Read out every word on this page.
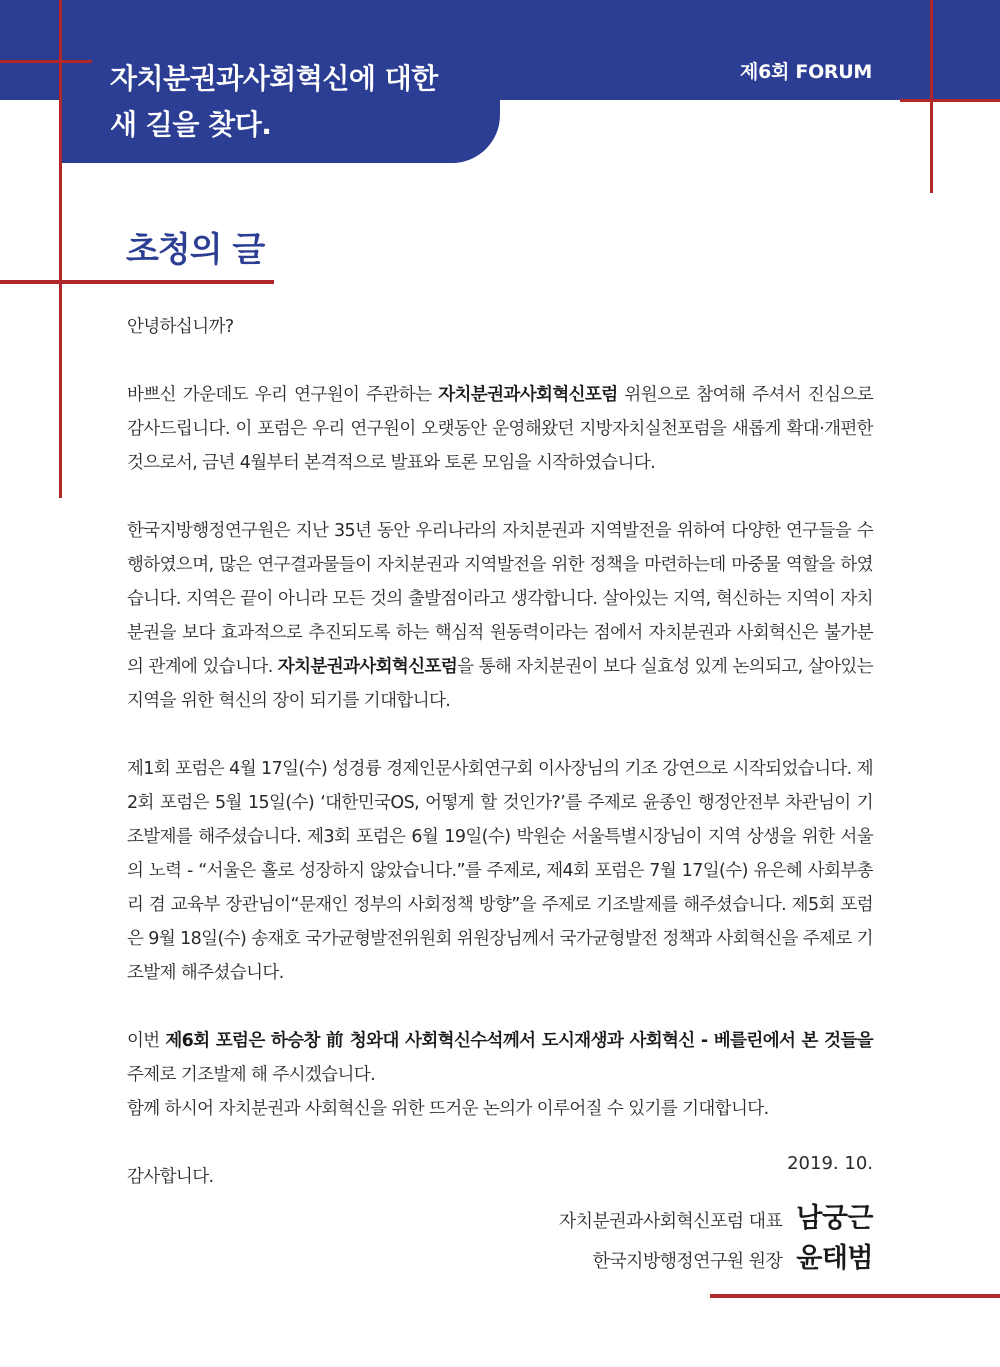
자치분권과사회혁신에 대한
새 길을 찾다.
제6회 FORUM
초청의 글

안녕하십니까?

바쁘신 가운데도 우리 연구원이 주관하는 자치분권과사회혁신포럼 위원으로 참여해 주셔서 진심으로 감사드립니다. 이 포럼은 우리 연구원이 오랫동안 운영해왔던 지방자치실천포럼을 새롭게 확대·개편한 것으로서, 금년 4월부터 본격적으로 발표와 토론 모임을 시작하였습니다.

한국지방행정연구원은 지난 35년 동안 우리나라의 자치분권과 지역발전을 위하여 다양한 연구들을 수행하였으며, 많은 연구결과물들이 자치분권과 지역발전을 위한 정책을 마련하는데 마중물 역할을 하였습니다. 지역은 끝이 아니라 모든 것의 출발점이라고 생각합니다. 살아있는 지역, 혁신하는 지역이 자치분권을 보다 효과적으로 추진되도록 하는 핵심적 원동력이라는 점에서 자치분권과 사회혁신은 불가분의 관계에 있습니다. 자치분권과사회혁신포럼을 통해 자치분권이 보다 실효성 있게 논의되고, 살아있는 지역을 위한 혁신의 장이 되기를 기대합니다.

제1회 포럼은 4월 17일(수) 성경륭 경제인문사회연구회 이사장님의 기조 강연으로 시작되었습니다. 제2회 포럼은 5월 15일(수) ‘대한민국OS, 어떻게 할 것인가?’를 주제로 윤종인 행정안전부 차관님이 기조발제를 해주셨습니다. 제3회 포럼은 6월 19일(수) 박원순 서울특별시장님이 지역 상생을 위한 서울의 노력 - “서울은 홀로 성장하지 않았습니다.”를 주제로, 제4회 포럼은 7월 17일(수) 유은혜 사회부총리 겸 교육부 장관님이“문재인 정부의 사회정책 방향”을 주제로 기조발제를 해주셨습니다. 제5회 포럼은 9월 18일(수) 송재호 국가균형발전위원회 위원장님께서 국가균형발전 정책과 사회혁신을 주제로 기조발제 해주셨습니다.

이번 제6회 포럼은 하승창 前 청와대 사회혁신수석께서 도시재생과 사회혁신 - 베를린에서 본 것들을 주제로 기조발제 해 주시겠습니다.

함께 하시어 자치분권과 사회혁신을 위한 뜨거운 논의가 이루어질 수 있기를 기대합니다.

감사합니다.

2019. 10.
자치분권과사회혁신포럼 대표 남궁근
한국지방행정연구원 원장 윤태범
